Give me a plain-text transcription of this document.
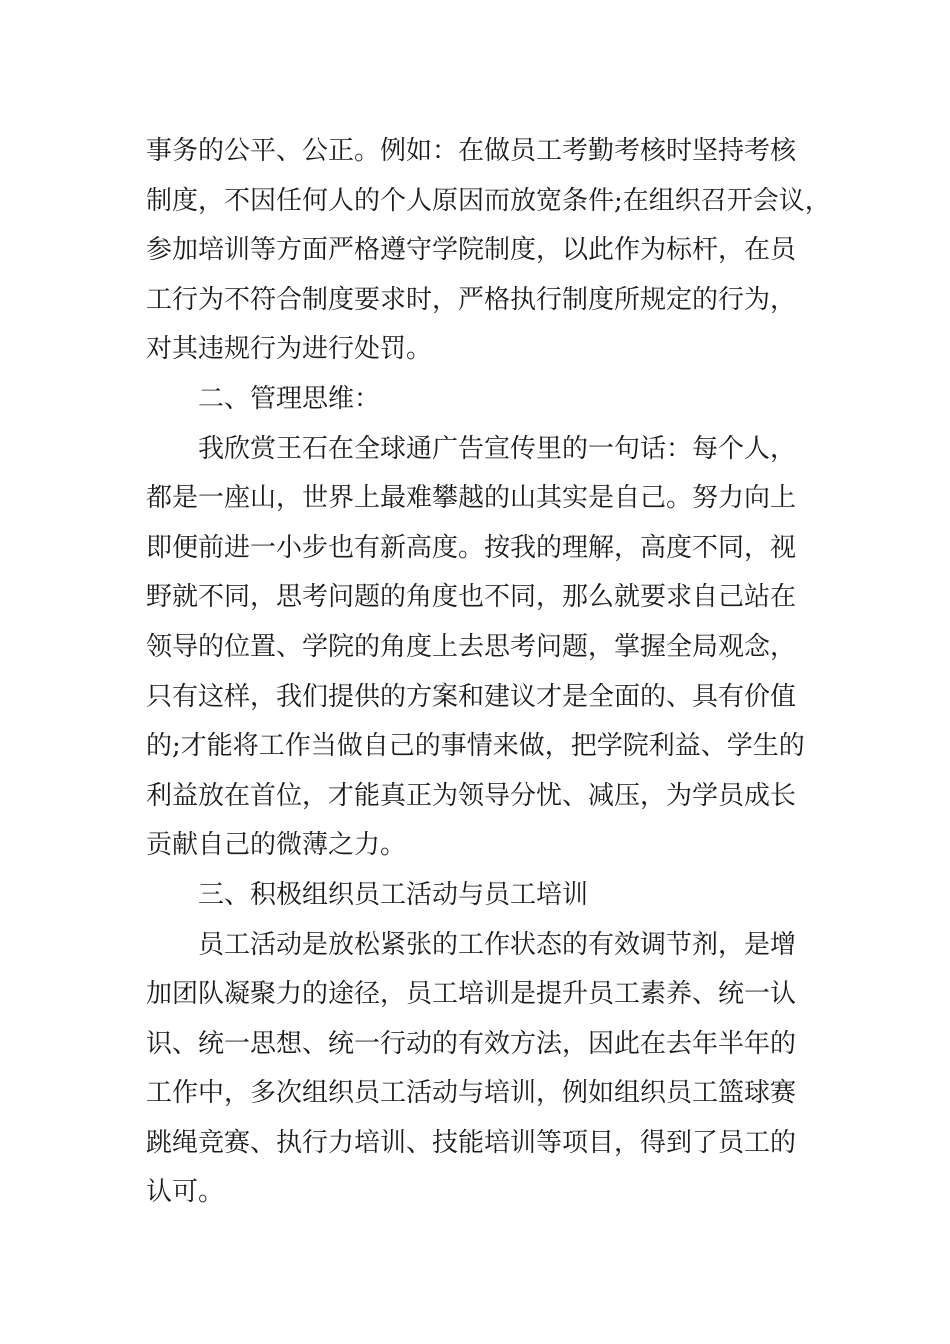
事务的公平、公正。例如：在做员工考勤考核时坚持考核
制度，不因任何人的个人原因而放宽条件;在组织召开会议，
参加培训等方面严格遵守学院制度，以此作为标杆，在员
工行为不符合制度要求时，严格执行制度所规定的行为，
对其违规行为进行处罚。
二、管理思维：
我欣赏王石在全球通广告宣传里的一句话：每个人，
都是一座山，世界上最难攀越的山其实是自己。努力向上
即便前进一小步也有新高度。按我的理解，高度不同，视
野就不同，思考问题的角度也不同，那么就要求自己站在
领导的位置、学院的角度上去思考问题，掌握全局观念，
只有这样，我们提供的方案和建议才是全面的、具有价值
的;才能将工作当做自己的事情来做，把学院利益、学生的
利益放在首位，才能真正为领导分忧、减压，为学员成长
贡献自己的微薄之力。
三、积极组织员工活动与员工培训
员工活动是放松紧张的工作状态的有效调节剂，是增
加团队凝聚力的途径，员工培训是提升员工素养、统一认
识、统一思想、统一行动的有效方法，因此在去年半年的
工作中，多次组织员工活动与培训，例如组织员工篮球赛
跳绳竞赛、执行力培训、技能培训等项目，得到了员工的
认可。
